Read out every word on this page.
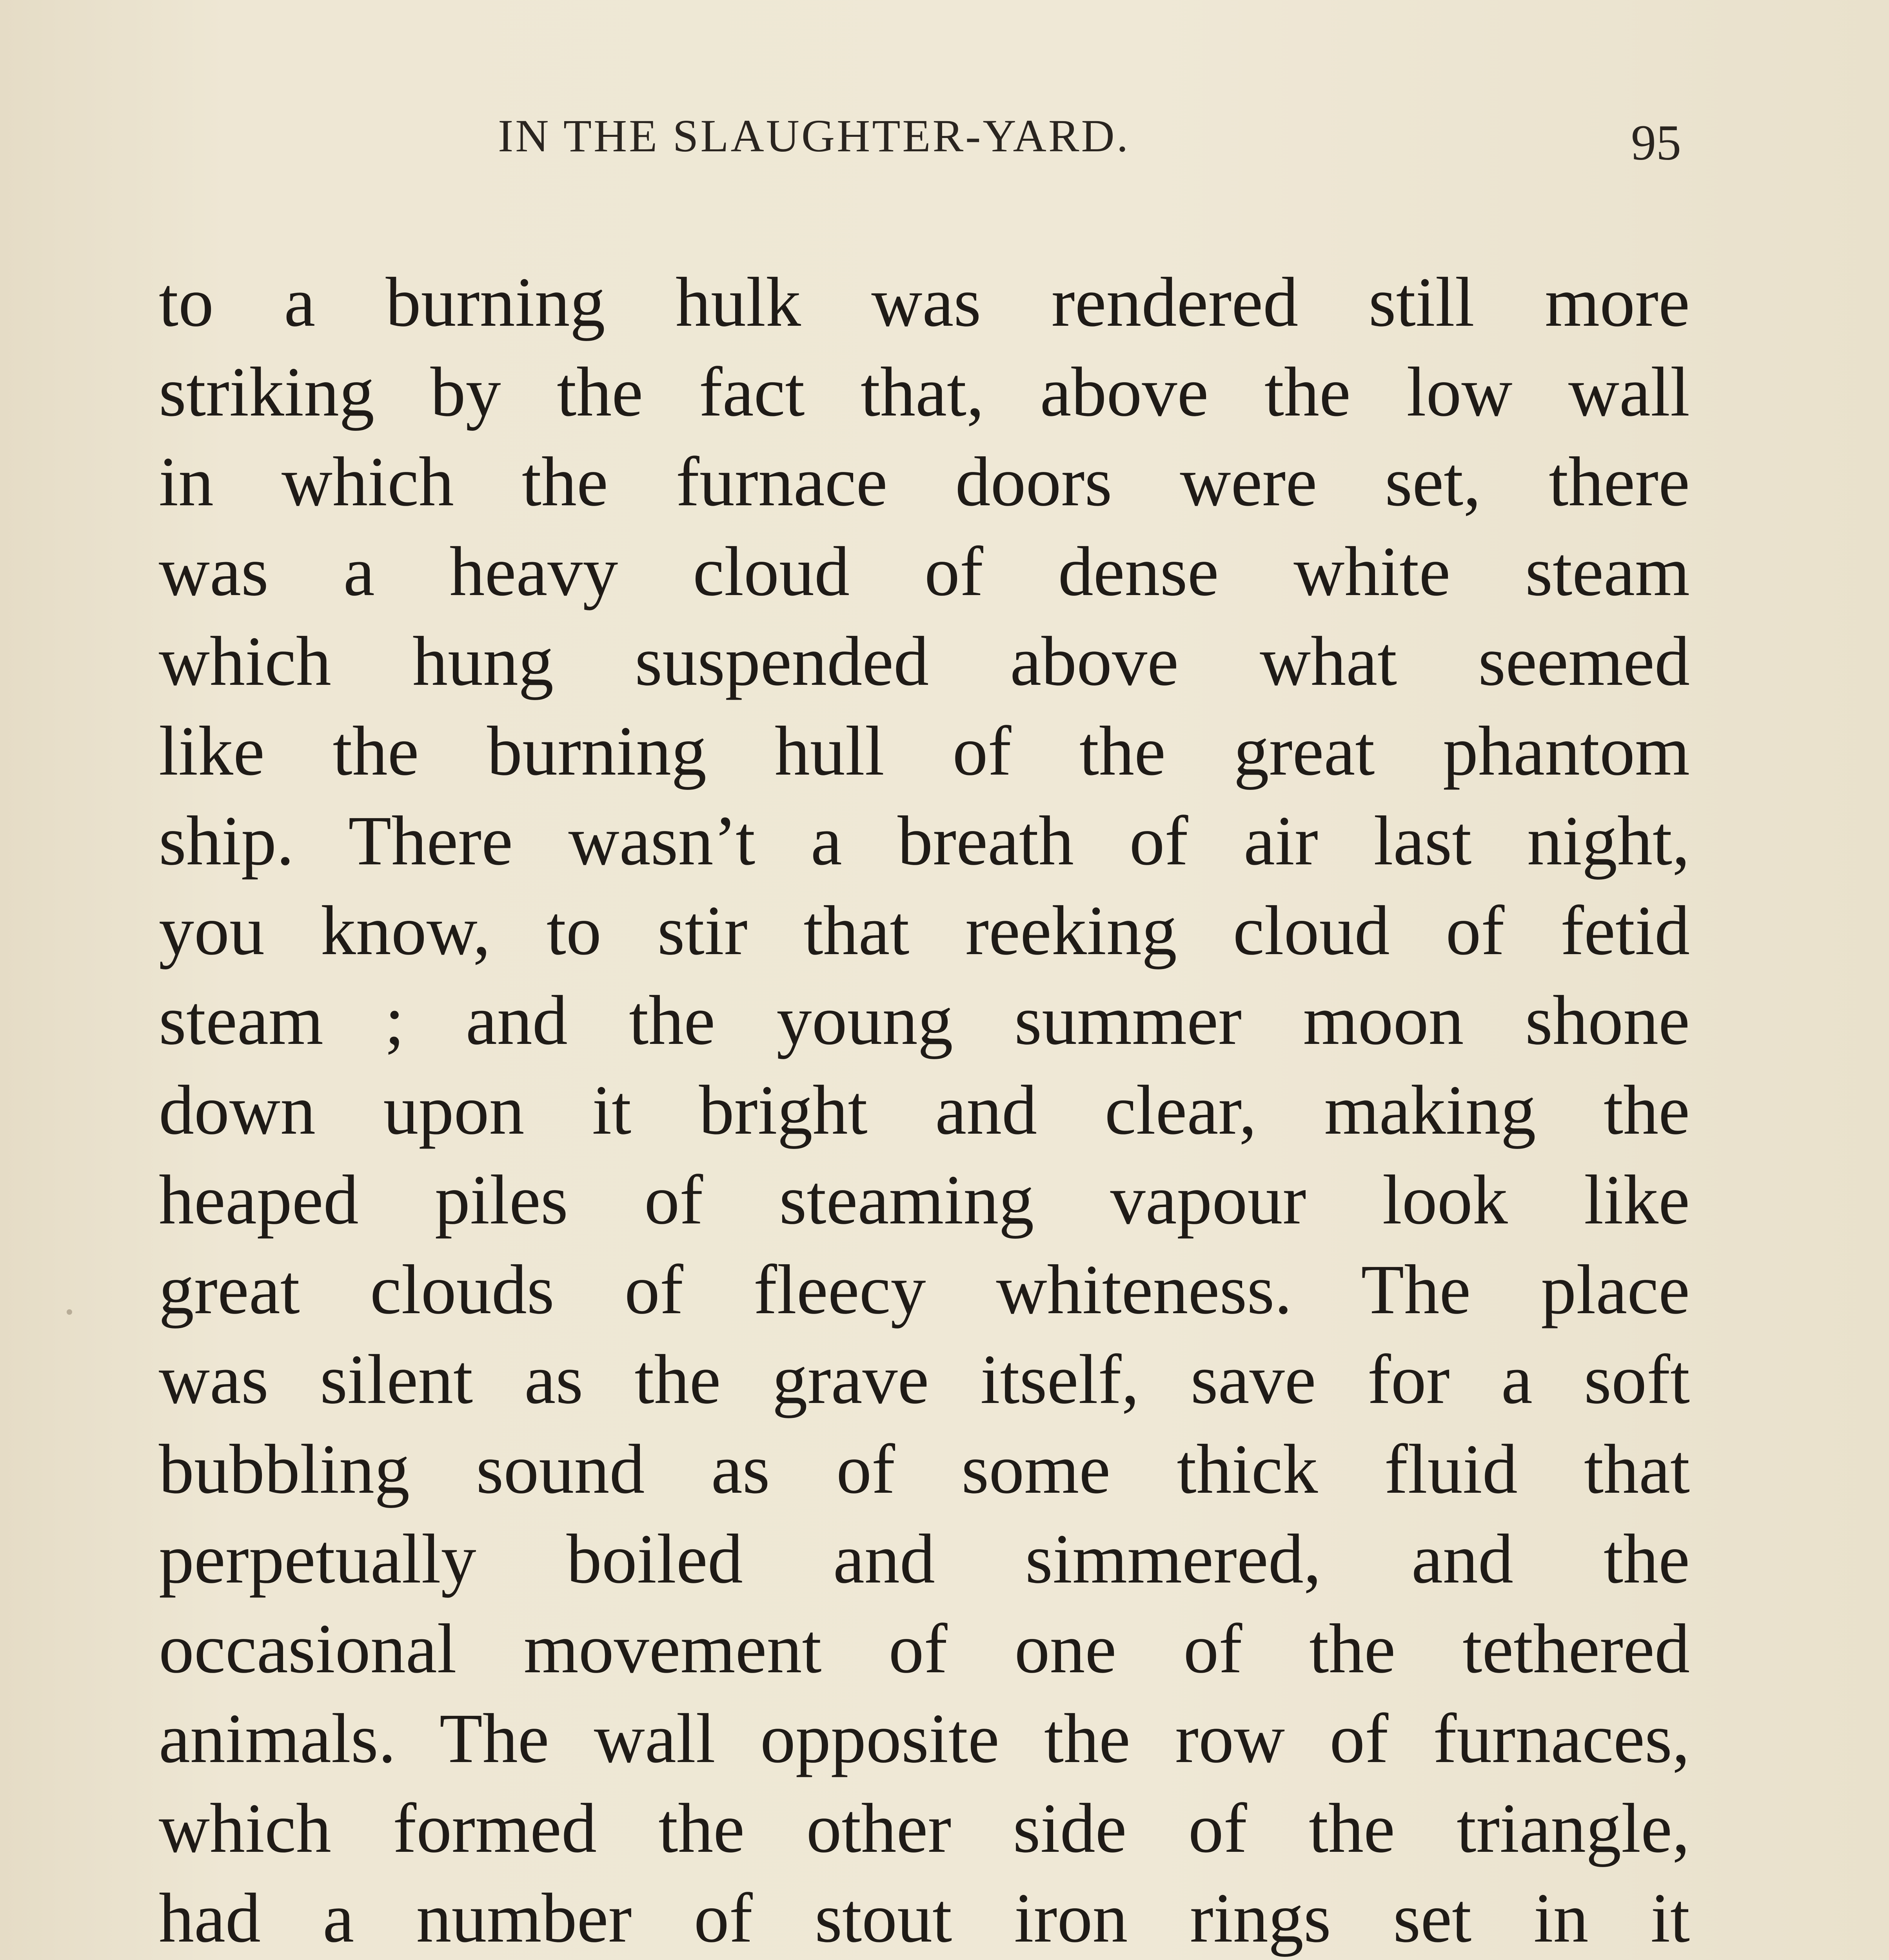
IN THE SLAUGHTER-YARD.	95
to a burning hulk was rendered still more
striking by the fact that, above the low wall
in which the furnace doors were set, there
was a heavy cloud of dense white steam
which hung suspended above what seemed
like the burning hull of the great phantom
ship. There wasn’t a breath of air last night,
you know, to stir that reeking cloud of fetid
steam ; and the young summer moon shone
down upon it bright and clear, making the
heaped piles of steaming vapour look like
great clouds of fleecy whiteness. The place
was silent as the grave itself, save for a soft
bubbling sound as of some thick fluid that
perpetually boiled and simmered, and the
occasional movement of one of the tethered
animals. The wall opposite the row of furnaces,
which formed the other side of the triangle,
had a number of stout iron rings set in it
